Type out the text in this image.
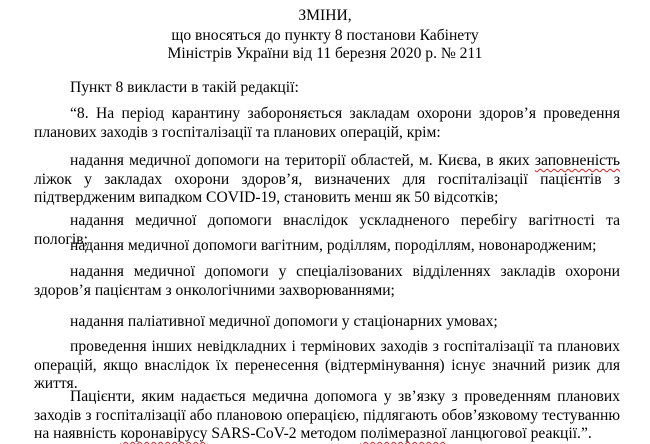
ЗМІНИ,
що вносяться до пункту 8 постанови Кабінету
Міністрів України від 11 березня 2020 р. № 211
Пункт 8 викласти в такій редакції:
“8. На період карантину забороняється закладам охорони здоров’я проведення планових заходів з госпіталізації та планових операцій, крім:
надання медичної допомоги на території областей, м. Києва, в яких заповненість ліжок у закладах охорони здоров’я, визначених для госпіталізації пацієнтів з підтвердженим випадком COVID-19, становить менш як 50 відсотків;
надання медичної допомоги внаслідок ускладненого перебігу вагітності та пологів;
надання медичної допомоги вагітним, роділлям, породіллям, новонародженим;
надання медичної допомоги у спеціалізованих відділеннях закладів охорони здоров’я пацієнтам з онкологічними захворюваннями;
надання паліативної медичної допомоги у стаціонарних умовах;
проведення інших невідкладних і термінових заходів з госпіталізації та планових операцій, якщо внаслідок їх перенесення (відтермінування) існує значний ризик для життя.
Пацієнти, яким надається медична допомога у зв’язку з проведенням планових заходів з госпіталізації або плановою операцією, підлягають обов’язковому тестуванню на наявність коронавірусу SARS-CoV-2 методом полімеразної ланцюгової реакції.”.
